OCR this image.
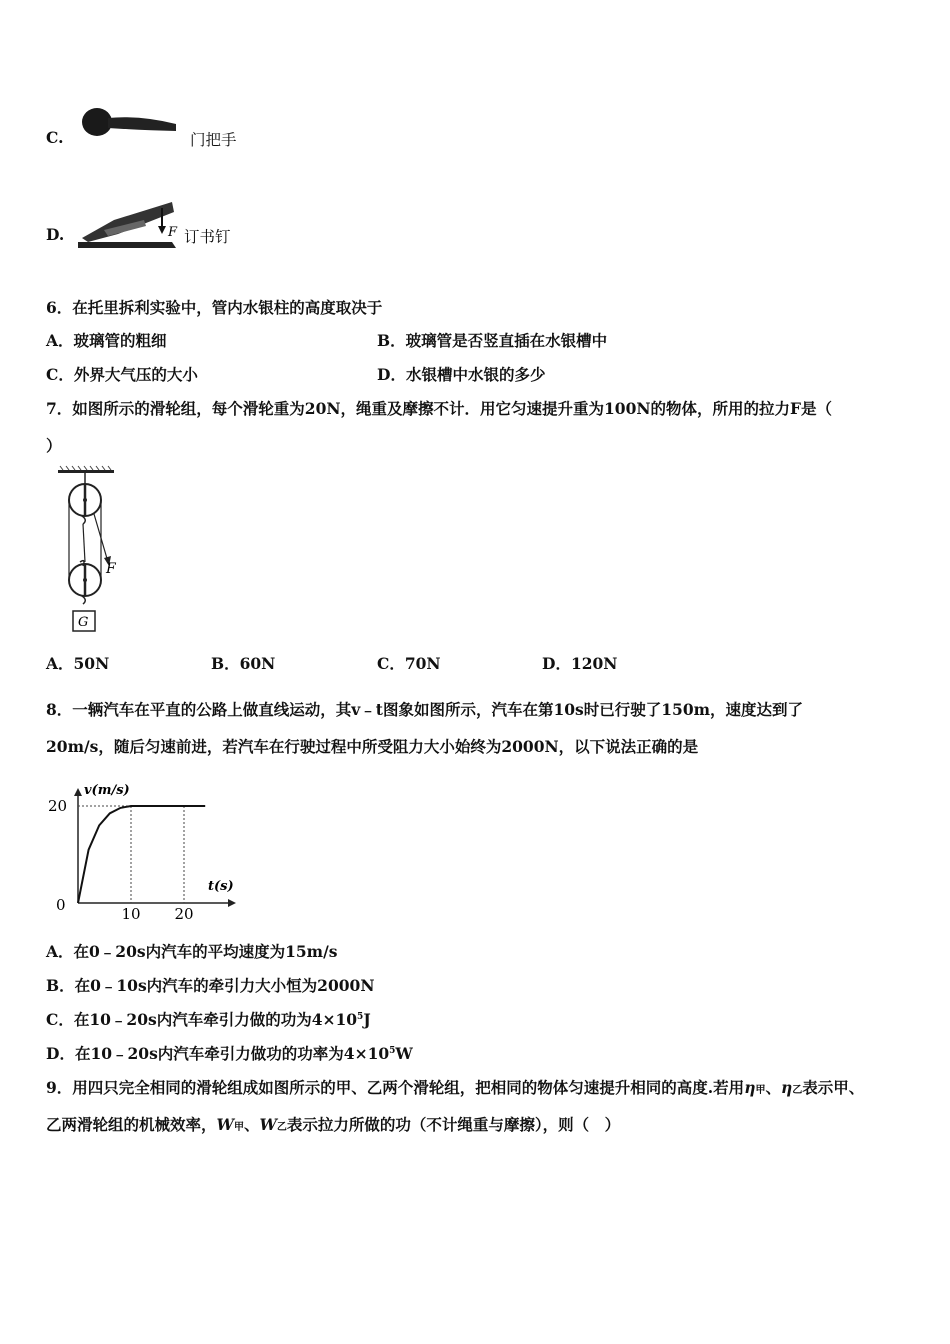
C.	门把手
D.	F 订书钉
6．在托里拆利实验中，管内水银柱的高度取决于
A．玻璃管的粗细	B．玻璃管是否竖直插在水银槽中
C．外界大气压的大小	D．水银槽中水银的多少
7．如图所示的滑轮组，每个滑轮重为20N，绳重及摩擦不计．用它匀速提升重为100N的物体，所用的拉力F是（
）
F
G
A．50N	B．60N	C．70N	D．120N
8．一辆汽车在平直的公路上做直线运动，其v﹣t图象如图所示，汽车在第10s时已行驶了150m，速度达到了
20m/s，随后匀速前进，若汽车在行驶过程中所受阻力大小始终为2000N，以下说法正确的是
v(m/s)
t(s)
0
20
10 20
A．在0﹣20s内汽车的平均速度为15m/s
B．在0﹣10s内汽车的牵引力大小恒为2000N
C．在10﹣20s内汽车牵引力做的功为$4\times 10^5J$
D．在10﹣20s内汽车牵引力做功的功率为$4\times 10^5W$
9．用四只完全相同的滑轮组成如图所示的甲、乙两个滑轮组，把相同的物体匀速提升相同的高度.若用η甲、η乙表示甲、
乙两滑轮组的机械效率，W甲、W乙表示拉力所做的功（不计绳重与摩擦），则（　）
